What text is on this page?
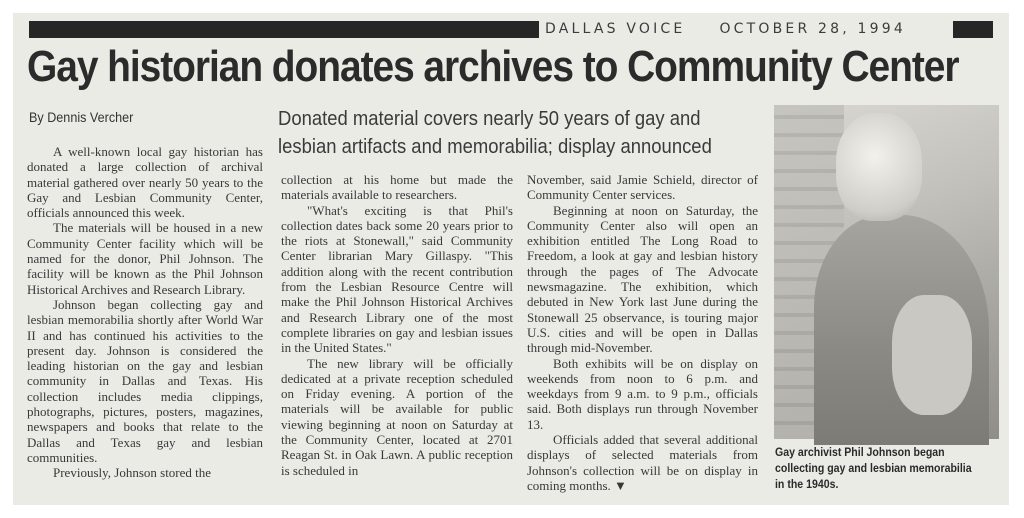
DALLAS VOICE OCTOBER 28, 1994
Gay historian donates archives to Community Center
By Dennis Vercher	Donated material covers nearly 50 years of gay and
lesbian artifacts and memorabilia; display announced

A well-known local gay historian has donated a large collection of archival material gathered over nearly 50 years to the Gay and Lesbian Community Center, officials announced this week.

The materials will be housed in a new Community Center facility which will be named for the donor, Phil Johnson. The facility will be known as the Phil Johnson Historical Archives and Research Library.

Johnson began collecting gay and lesbian memorabilia shortly after World War II and has continued his activities to the present day. Johnson is considered the leading historian on the gay and lesbian community in Dallas and Texas. His collection includes media clippings, photographs, pictures, posters, magazines, newspapers and books that relate to the Dallas and Texas gay and lesbian communities.

Previously, Johnson stored the

collection at his home but made the materials available to researchers.

"What's exciting is that Phil's collection dates back some 20 years prior to the riots at Stonewall," said Community Center librarian Mary Gillaspy. "This addition along with the recent contribution from the Lesbian Resource Centre will make the Phil Johnson Historical Archives and Research Library one of the most complete libraries on gay and lesbian issues in the United States."

The new library will be officially dedicated at a private reception scheduled on Friday evening. A portion of the materials will be available for public viewing beginning at noon on Saturday at the Community Center, located at 2701 Reagan St. in Oak Lawn. A public reception is scheduled in

November, said Jamie Schield, director of Community Center services.

Beginning at noon on Saturday, the Community Center also will open an exhibition entitled The Long Road to Freedom, a look at gay and lesbian history through the pages of The Advocate newsmagazine. The exhibition, which debuted in New York last June during the Stonewall 25 observance, is touring major U.S. cities and will be open in Dallas through mid-November.

Both exhibits will be on display on weekends from noon to 6 p.m. and weekdays from 9 a.m. to 9 p.m., officials said. Both displays run through November 13.

Officials added that several additional displays of selected materials from Johnson's collection will be on display in coming months. ▼

Gay archivist Phil Johnson began
collecting gay and lesbian memorabilia
in the 1940s.
